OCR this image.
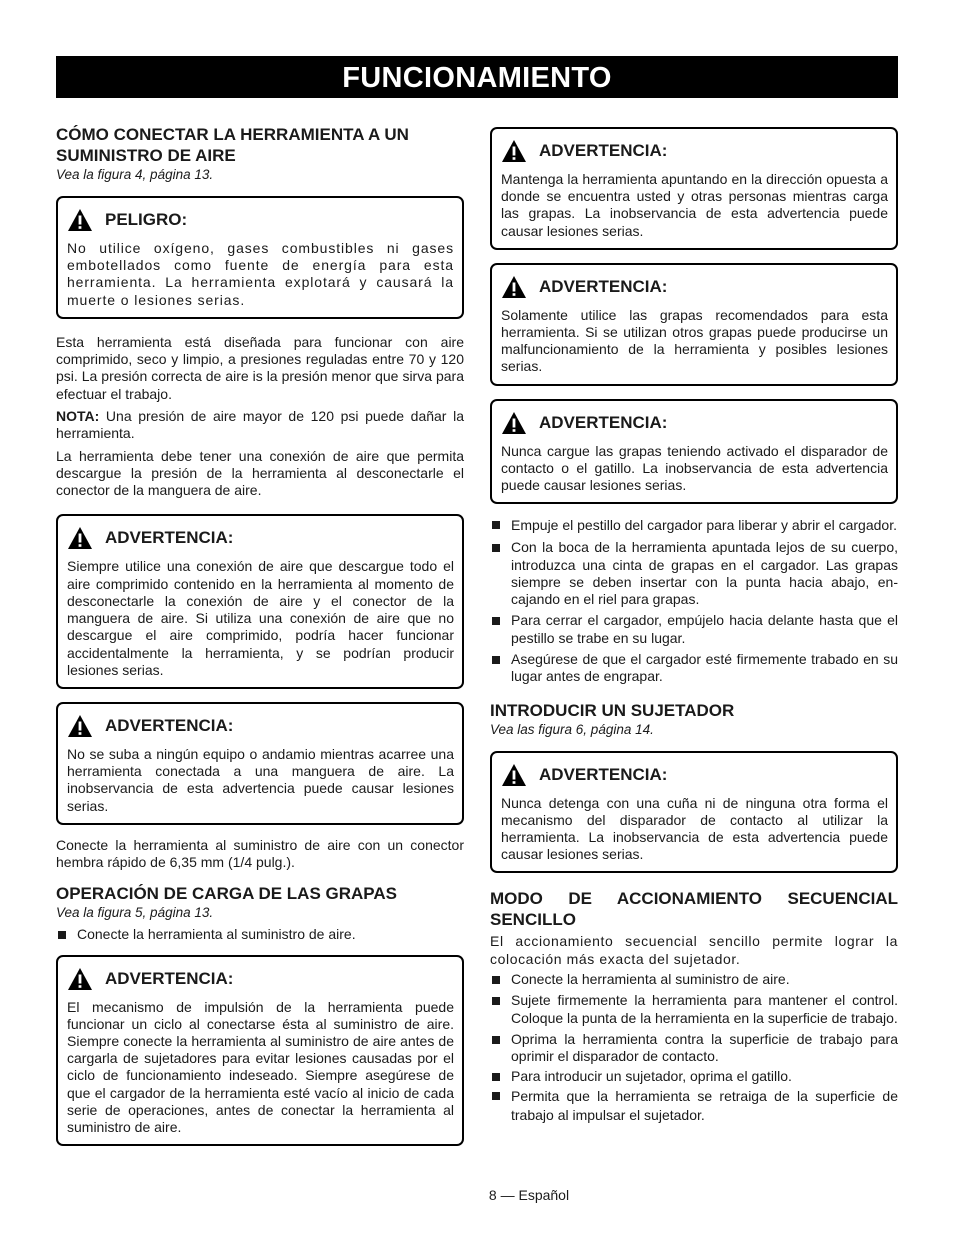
FUNCIONAMIENTO
CÓMO CONECTAR LA HERRAMIENTA A UN SUMINISTRO DE AIRE

Vea la figura 4, página 13.

PELIGRO:

No utilice oxígeno, gases combustibles ni gases embotellados como fuente de energía para esta herramienta. La herramienta explotará y causará la muerte o lesiones serias.

Esta herramienta está diseñada para funcionar con aire comprimido, seco y limpio, a presiones reguladas entre 70 y 120 psi. La presión correcta de aire is la presión menor que sirva para efectuar el trabajo.

NOTA: Una presión de aire mayor de 120 psi puede dañar la herramienta.

La herramienta debe tener una conexión de aire que permita descargue la presión de la herramienta al desconectarle el conector de la manguera de aire.

ADVERTENCIA:

Siempre utilice una conexión de aire que descargue todo el aire comprimido contenido en la herramienta al momento de desconectarle la conexión de aire y el conector de la manguera de aire. Si utiliza una conexión de aire que no descargue el aire comprimido, podría hacer funcionar accidentalmente la herramienta, y se podrían producir lesiones serias.

ADVERTENCIA:

No se suba a ningún equipo o andamio mientras acarree una herramienta conectada a una manguera de aire. La inobservancia de esta advertencia puede causar lesiones serias.

Conecte la herramienta al suministro de aire con un conector hembra rápido de 6,35 mm (1/4 pulg.).

OPERACIÓN DE CARGA DE LAS GRAPAS

Vea la figura 5, página 13.

Conecte la herramienta al suministro de aire.
ADVERTENCIA:

El mecanismo de impulsión de la herramienta puede funcionar un ciclo al conectarse ésta al suministro de aire. Siempre conecte la herramienta al suministro de aire antes de cargarla de sujetadores para evitar lesiones causadas por el ciclo de funcionamiento indeseado. Siempre asegúrese de que el cargador de la herramienta esté vacío al inicio de cada serie de operaciones, antes de conectar la herramienta al suministro de aire.

ADVERTENCIA:

Mantenga la herramienta apuntando en la dirección opuesta a donde se encuentra usted y otras personas mientras carga las grapas. La inobservancia de esta advertencia puede causar lesiones serias.

ADVERTENCIA:

Solamente utilice las grapas recomendados para esta herramienta. Si se utilizan otros grapas puede producirse un malfuncionamiento de la herramienta y posibles lesiones serias.

ADVERTENCIA:

Nunca cargue las grapas teniendo activado el disparador de contacto o el gatillo. La inobservancia de esta advertencia puede causar lesiones serias.

Empuje el pestillo del cargador para liberar y abrir el cargador.
Con la boca de la herramienta apuntada lejos de su cuerpo, introduzca una cinta de grapas en el cargador. Las grapas siempre se deben insertar con la punta hacia abajo, en- cajando en el riel para grapas.
Para cerrar el cargador, empújelo hacia delante hasta que el pestillo se trabe en su lugar.
Asegúrese de que el cargador esté firmemente trabado en su lugar antes de engrapar.
INTRODUCIR UN SUJETADOR

Vea las figura 6, página 14.

ADVERTENCIA:

Nunca detenga con una cuña ni de ninguna otra forma el mecanismo del disparador de contacto al utilizar la herramienta. La inobservancia de esta advertencia puede causar lesiones serias.

MODO DE ACCIONAMIENTO SECUENCIAL SENCILLO

El accionamiento secuencial sencillo permite lograr la colocación más exacta del sujetador.

Conecte la herramienta al suministro de aire.
Sujete firmemente la herramienta para mantener el control. Coloque la punta de la herramienta en la superficie de trabajo.
Oprima la herramienta contra la superficie de trabajo para oprimir el disparador de contacto.
Para introducir un sujetador, oprima el gatillo.
Permita que la herramienta se retraiga de la superficie de trabajo al impulsar el sujetador.
8 — Español
